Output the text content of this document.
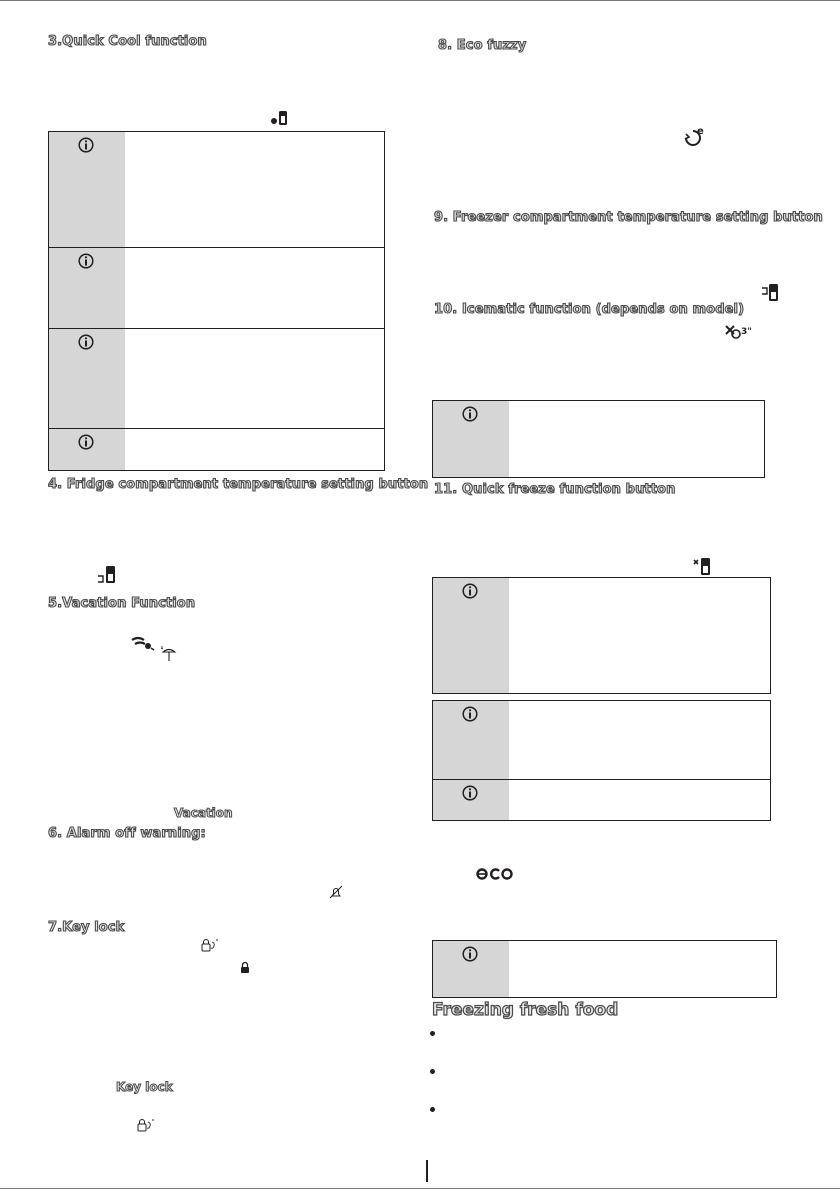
3.Quick Cool function
4. Fridge compartment temperature setting button
5.Vacation Function
Vacation
6. Alarm off warning:
7.Key lock
Key lock
8. Eco fuzzy
e
9. Freezer compartment temperature setting button
10. Icematic function (depends on model)
3"
11. Quick freeze function button
Freezing fresh food
